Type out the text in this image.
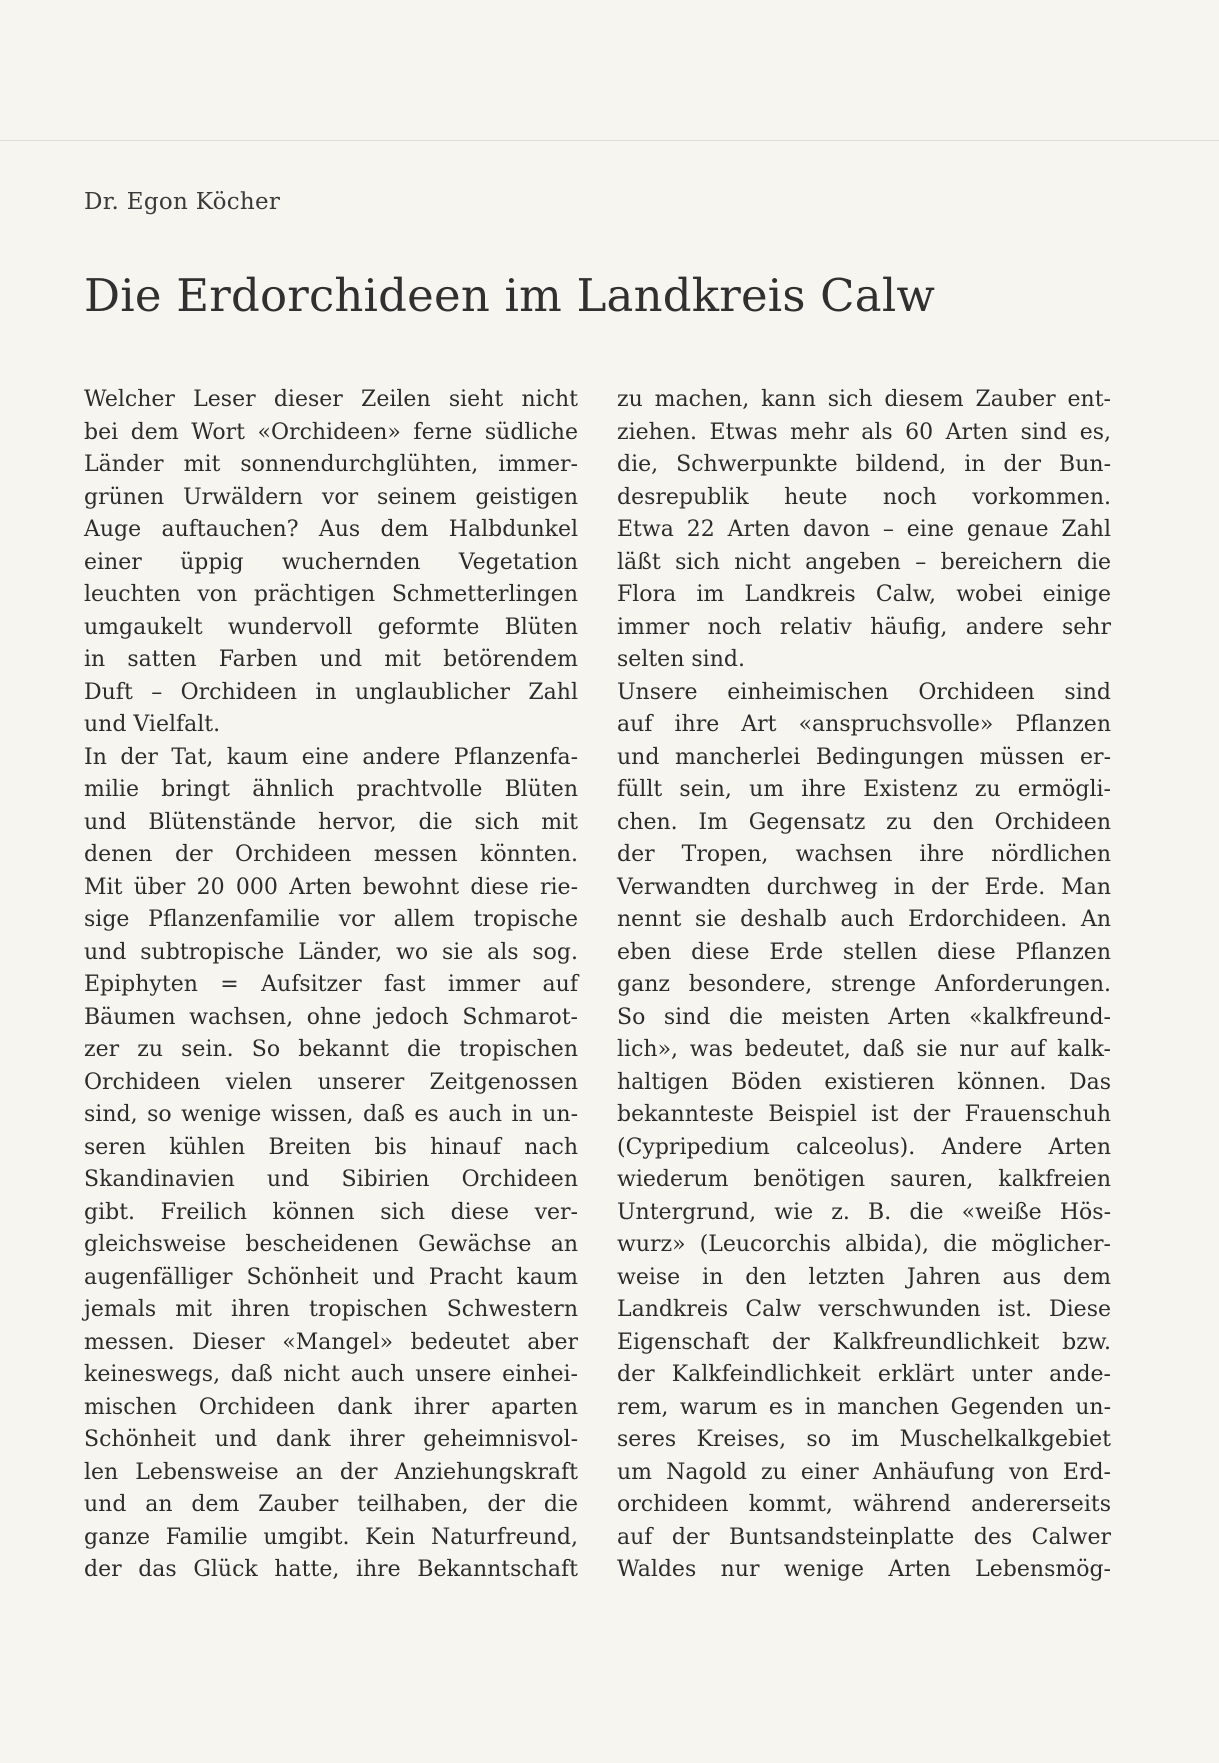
Dr. Egon Köcher
Die Erdorchideen im Landkreis Calw
Welcher Leser dieser Zeilen sieht nicht
bei dem Wort «Orchideen» ferne südliche
Länder mit sonnendurchglühten, immer-
grünen Urwäldern vor seinem geistigen
Auge auftauchen? Aus dem Halbdunkel
einer üppig wuchernden Vegetation
leuchten von prächtigen Schmetterlingen
umgaukelt wundervoll geformte Blüten
in satten Farben und mit betörendem
Duft – Orchideen in unglaublicher Zahl
und Vielfalt.
In der Tat, kaum eine andere Pflanzenfa-
milie bringt ähnlich prachtvolle Blüten
und Blütenstände hervor, die sich mit
denen der Orchideen messen könnten.
Mit über 20 000 Arten bewohnt diese rie-
sige Pflanzenfamilie vor allem tropische
und subtropische Länder, wo sie als sog.
Epiphyten = Aufsitzer fast immer auf
Bäumen wachsen, ohne jedoch Schmarot-
zer zu sein. So bekannt die tropischen
Orchideen vielen unserer Zeitgenossen
sind, so wenige wissen, daß es auch in un-
seren kühlen Breiten bis hinauf nach
Skandinavien und Sibirien Orchideen
gibt. Freilich können sich diese ver-
gleichsweise bescheidenen Gewächse an
augenfälliger Schönheit und Pracht kaum
jemals mit ihren tropischen Schwestern
messen. Dieser «Mangel» bedeutet aber
keineswegs, daß nicht auch unsere einhei-
mischen Orchideen dank ihrer aparten
Schönheit und dank ihrer geheimnisvol-
len Lebensweise an der Anziehungskraft
und an dem Zauber teilhaben, der die
ganze Familie umgibt. Kein Naturfreund,
der das Glück hatte, ihre Bekanntschaft
zu machen, kann sich diesem Zauber ent-
ziehen. Etwas mehr als 60 Arten sind es,
die, Schwerpunkte bildend, in der Bun-
desrepublik heute noch vorkommen.
Etwa 22 Arten davon – eine genaue Zahl
läßt sich nicht angeben – bereichern die
Flora im Landkreis Calw, wobei einige
immer noch relativ häufig, andere sehr
selten sind.
Unsere einheimischen Orchideen sind
auf ihre Art «anspruchsvolle» Pflanzen
und mancherlei Bedingungen müssen er-
füllt sein, um ihre Existenz zu ermögli-
chen. Im Gegensatz zu den Orchideen
der Tropen, wachsen ihre nördlichen
Verwandten durchweg in der Erde. Man
nennt sie deshalb auch Erdorchideen. An
eben diese Erde stellen diese Pflanzen
ganz besondere, strenge Anforderungen.
So sind die meisten Arten «kalkfreund-
lich», was bedeutet, daß sie nur auf kalk-
haltigen Böden existieren können. Das
bekannteste Beispiel ist der Frauenschuh
(Cypripedium calceolus). Andere Arten
wiederum benötigen sauren, kalkfreien
Untergrund, wie z. B. die «weiße Hös-
wurz» (Leucorchis albida), die möglicher-
weise in den letzten Jahren aus dem
Landkreis Calw verschwunden ist. Diese
Eigenschaft der Kalkfreundlichkeit bzw.
der Kalkfeindlichkeit erklärt unter ande-
rem, warum es in manchen Gegenden un-
seres Kreises, so im Muschelkalkgebiet
um Nagold zu einer Anhäufung von Erd-
orchideen kommt, während andererseits
auf der Buntsandsteinplatte des Calwer
Waldes nur wenige Arten Lebensmög-
